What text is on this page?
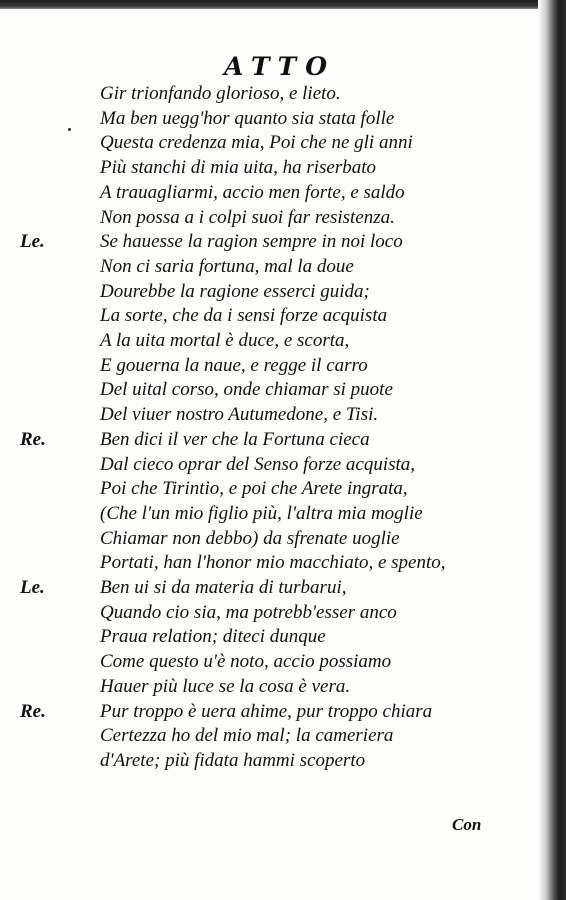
ATTO
Gir trionfando glorioso, e lieto.
Ma ben uegg'hor quanto sia stata folle
Questa credenza mia, Poi che ne gli anni
Più stanchi di mia uita, ha riserbato
A trauagliarmi, accio men forte, e saldo
Non possa a i colpi suoi far resistenza.
Se hauesse la ragion sempre in noi loco
Le.
Non ci saria fortuna, mal la doue
Dourebbe la ragione esserci guida;
La sorte, che da i sensi forze acquista
A la uita mortal è duce, e scorta,
E gouerna la naue, e regge il carro
Del uital corso, onde chiamar si puote
Del viuer nostro Autumedone, e Tisi.
Ben dici il ver che la Fortuna cieca
Re.
Dal cieco oprar del Senso forze acquista,
Poi che Tirintio, e poi che Arete ingrata,
(Che l'un mio figlio più, l'altra mia moglie
Chiamar non debbo) da sfrenate uoglie
Portati, han l'honor mio macchiato, e spento,
Ben ui si da materia di turbarui,
Le.
Quando cio sia, ma potrebb'esser anco
Praua relation; diteci dunque
Come questo u'è noto, accio possiamo
Hauer più luce se la cosa è vera.
Pur troppo è uera ahime, pur troppo chiara
Re.
Certezza ho del mio mal; la cameriera
d'Arete; più fidata hammi scoperto
Con
